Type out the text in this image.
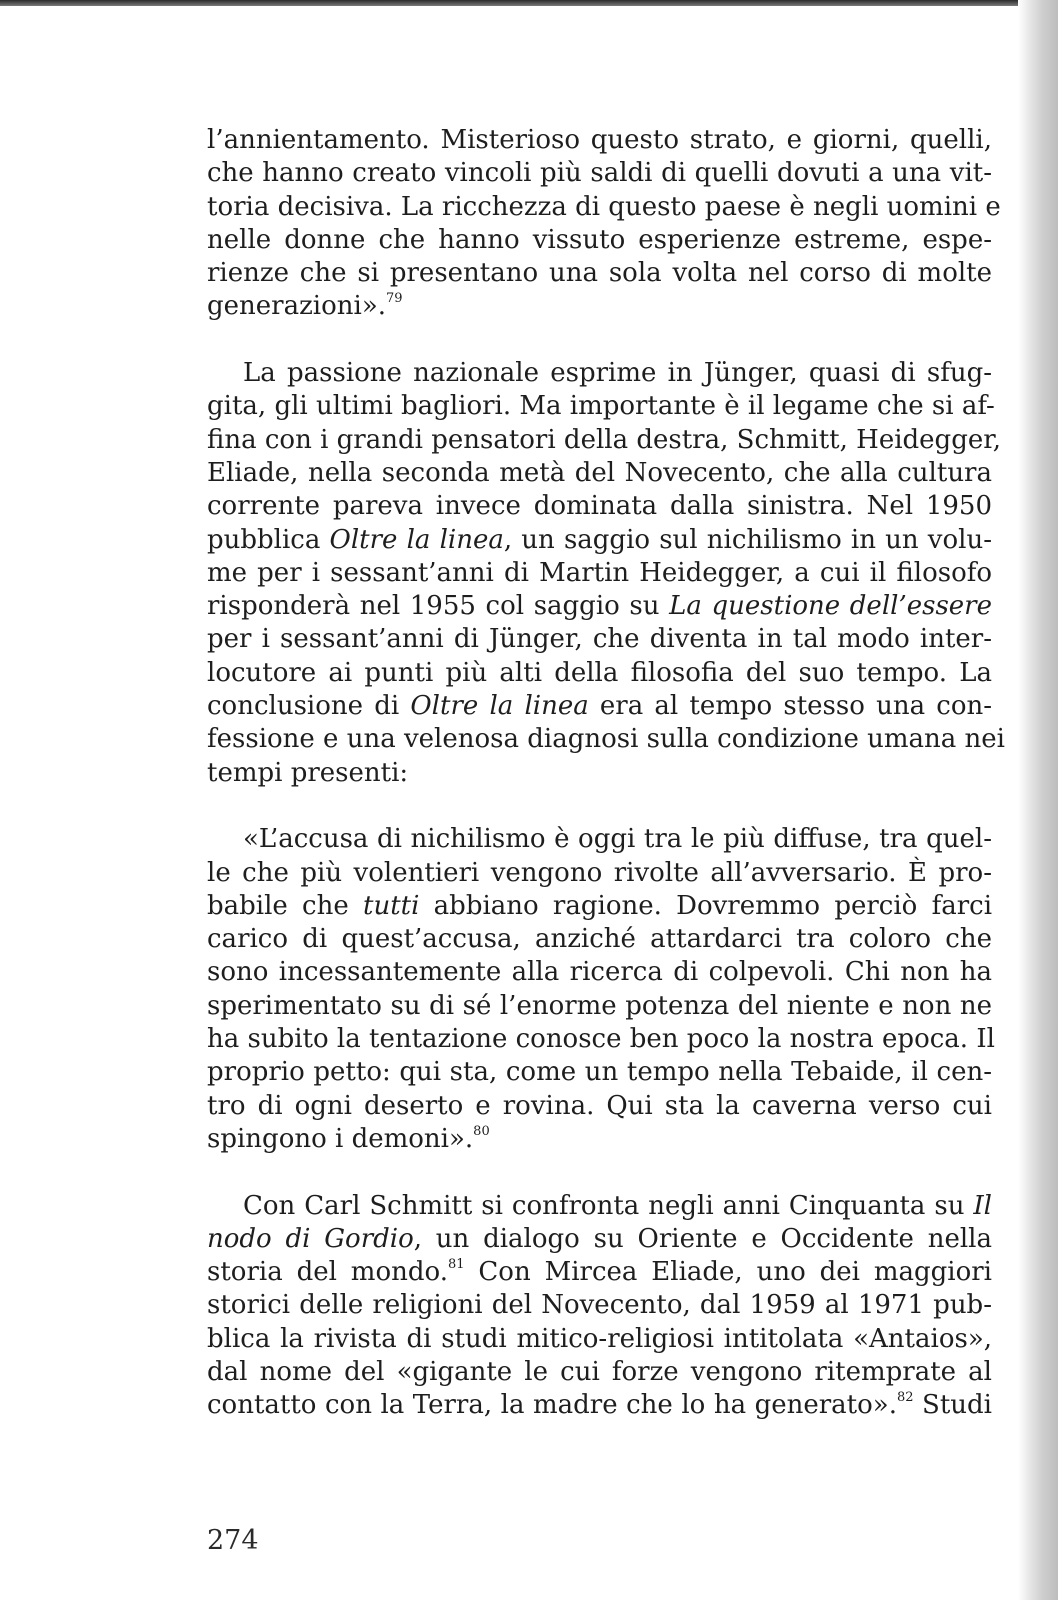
l’annientamento. Misterioso questo strato, e giorni, quelli,
che hanno creato vincoli più saldi di quelli dovuti a una vit-
toria decisiva. La ricchezza di questo paese è negli uomini e
nelle donne che hanno vissuto esperienze estreme, espe-
rienze che si presentano una sola volta nel corso di molte
generazioni».$^{79}$
La passione nazionale esprime in Jünger, quasi di sfug-
gita, gli ultimi bagliori. Ma importante è il legame che si af-
fina con i grandi pensatori della destra, Schmitt, Heidegger,
Eliade, nella seconda metà del Novecento, che alla cultura
corrente pareva invece dominata dalla sinistra. Nel 1950
pubblica Oltre la linea, un saggio sul nichilismo in un volu-
me per i sessant’anni di Martin Heidegger, a cui il filosofo
risponderà nel 1955 col saggio su La questione dell’essere
per i sessant’anni di Jünger, che diventa in tal modo inter-
locutore ai punti più alti della filosofia del suo tempo. La
conclusione di Oltre la linea era al tempo stesso una con-
fessione e una velenosa diagnosi sulla condizione umana nei
tempi presenti:
«L’accusa di nichilismo è oggi tra le più diffuse, tra quel-
le che più volentieri vengono rivolte all’avversario. È pro-
babile che tutti abbiano ragione. Dovremmo perciò farci
carico di quest’accusa, anziché attardarci tra coloro che
sono incessantemente alla ricerca di colpevoli. Chi non ha
sperimentato su di sé l’enorme potenza del niente e non ne
ha subito la tentazione conosce ben poco la nostra epoca. Il
proprio petto: qui sta, come un tempo nella Tebaide, il cen-
tro di ogni deserto e rovina. Qui sta la caverna verso cui
spingono i demoni».$^{80}$
Con Carl Schmitt si confronta negli anni Cinquanta su Il
nodo di Gordio, un dialogo su Oriente e Occidente nella
storia del mondo.$^{81}$ Con Mircea Eliade, uno dei maggiori
storici delle religioni del Novecento, dal 1959 al 1971 pub-
blica la rivista di studi mitico-religiosi intitolata «Antaios»,
dal nome del «gigante le cui forze vengono ritemprate al
contatto con la Terra, la madre che lo ha generato».$^{82}$ Studi
274
